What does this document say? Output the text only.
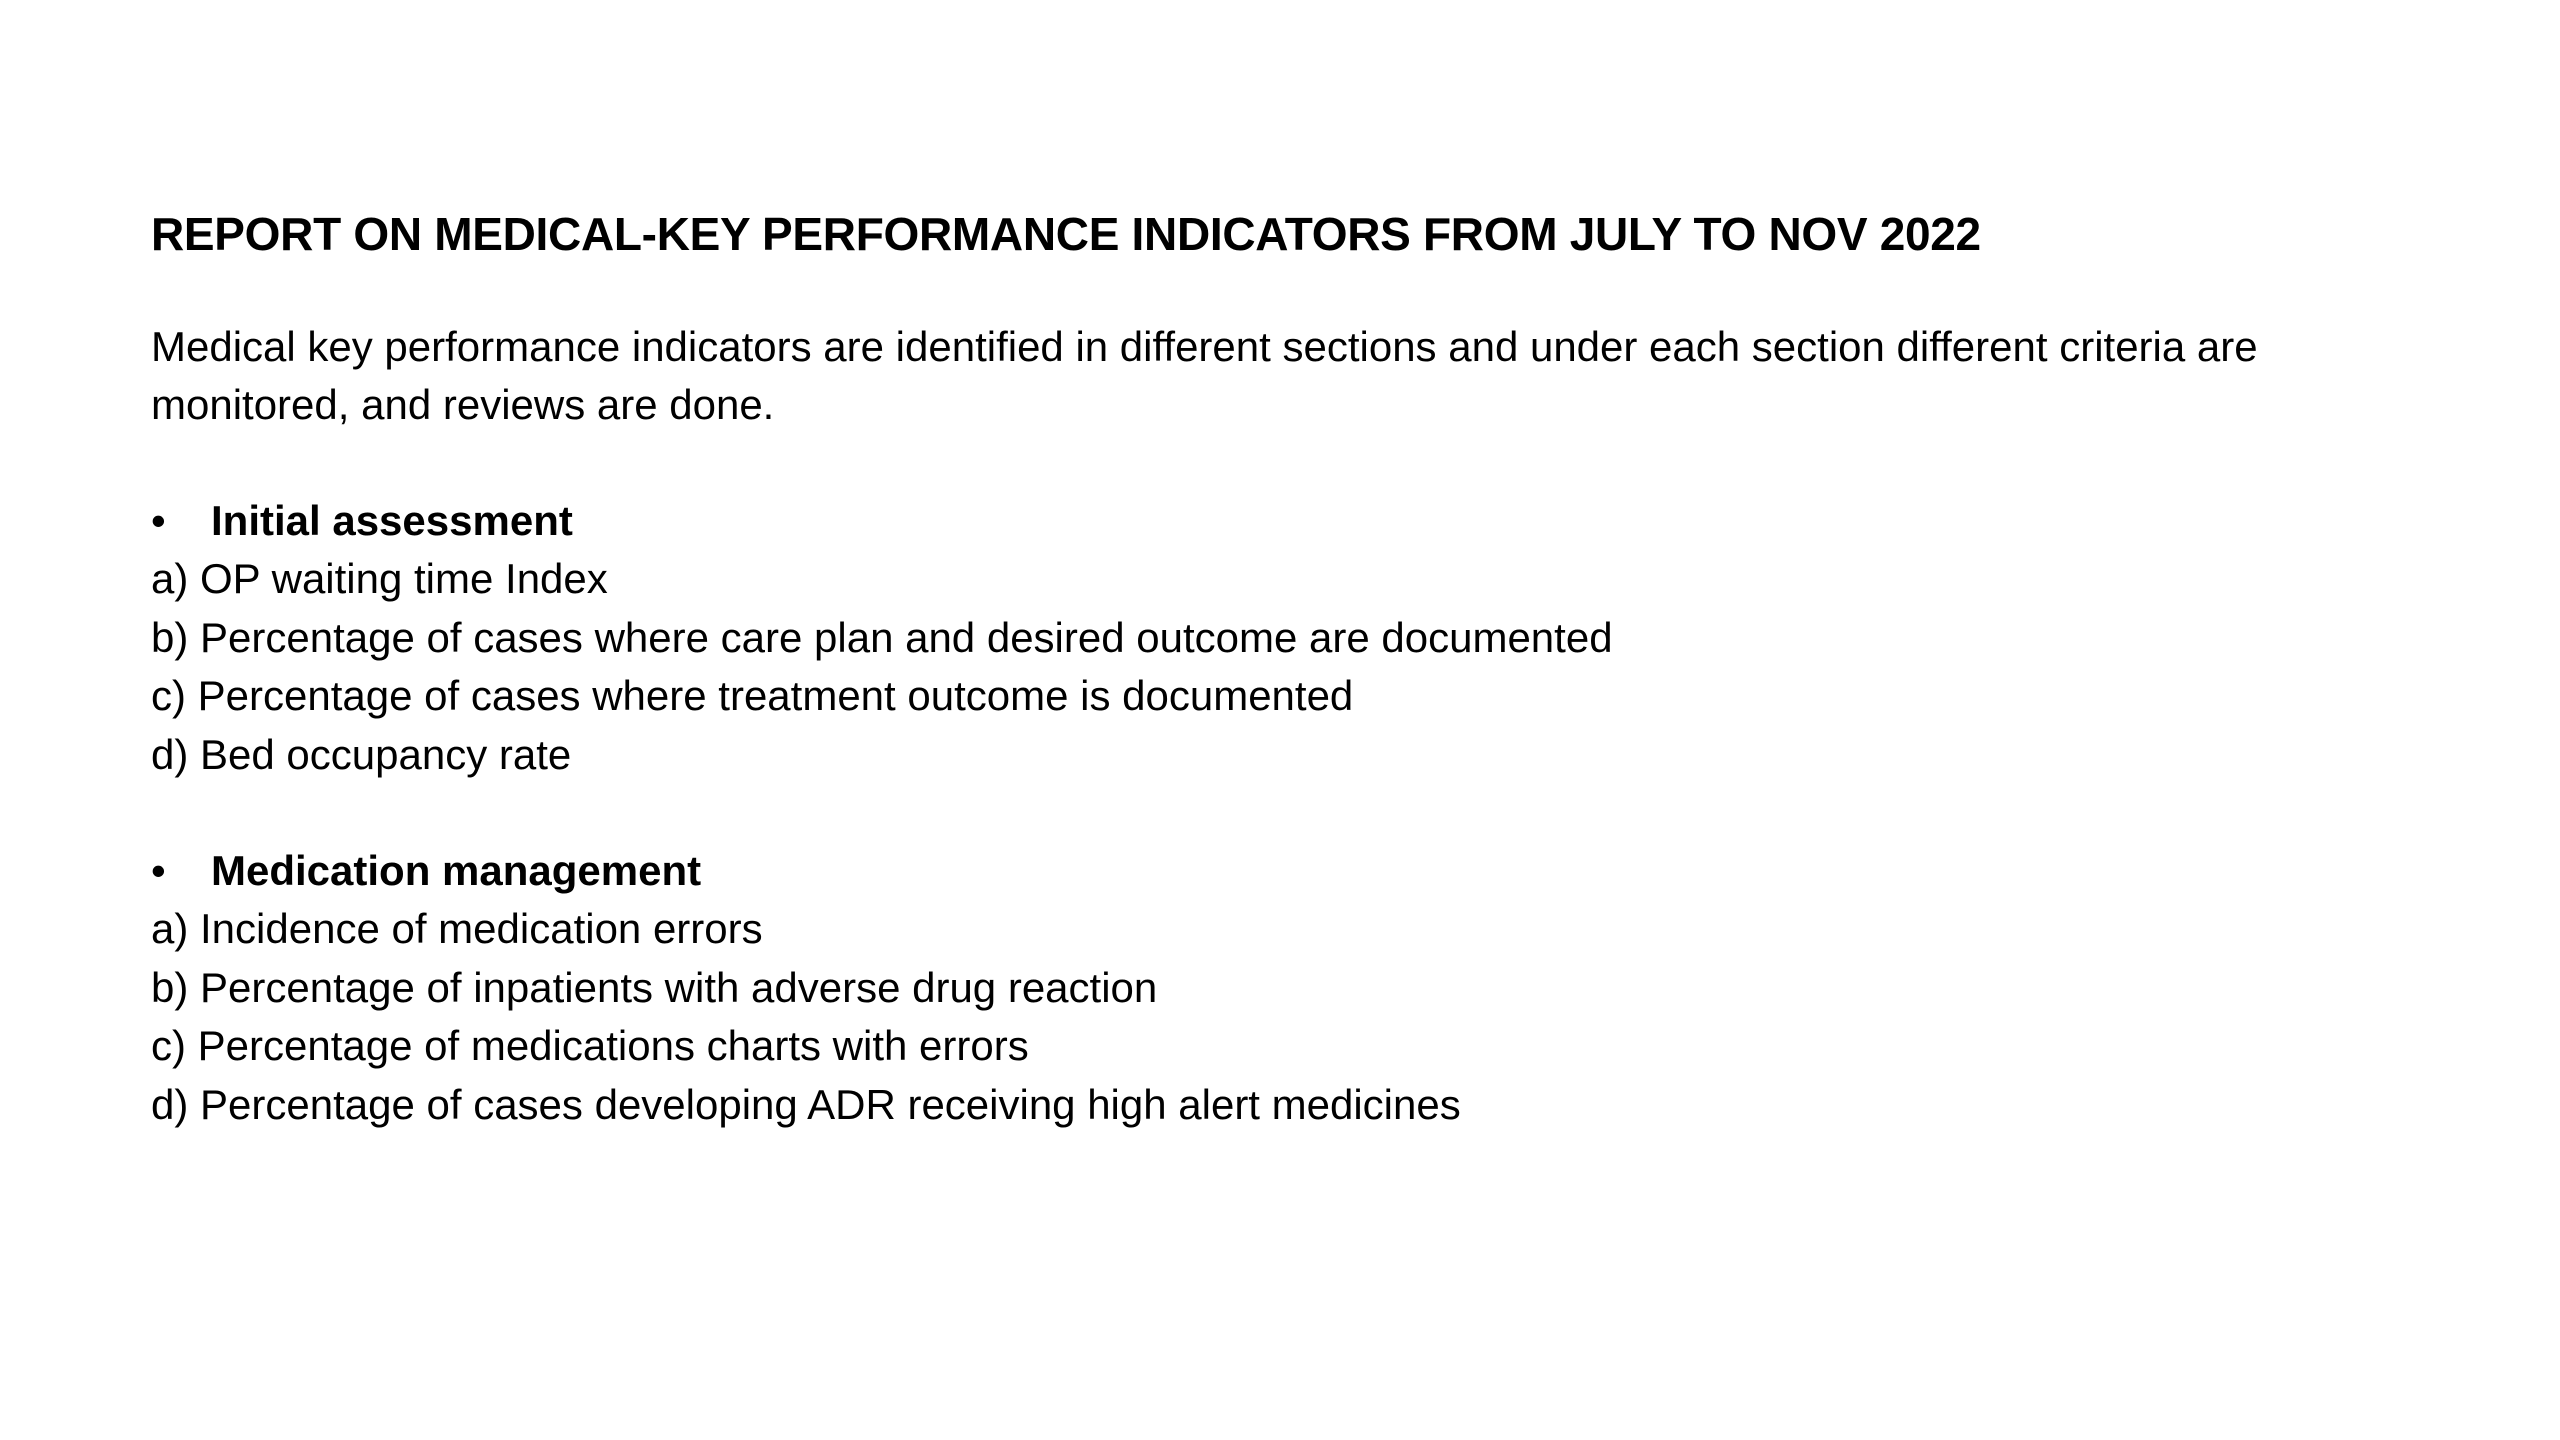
REPORT ON MEDICAL-KEY PERFORMANCE INDICATORS FROM JULY TO NOV 2022

Medical key performance indicators are identified in different sections and under each section different criteria are monitored, and reviews are done.

•	Initial assessment
a) OP waiting time Index
b) Percentage of cases where care plan and desired outcome are documented
c) Percentage of cases where treatment outcome is documented
d) Bed occupancy rate
•	Medication management
a) Incidence of medication errors
b) Percentage of inpatients with adverse drug reaction
c) Percentage of medications charts with errors
d) Percentage of cases developing ADR receiving high alert medicines
